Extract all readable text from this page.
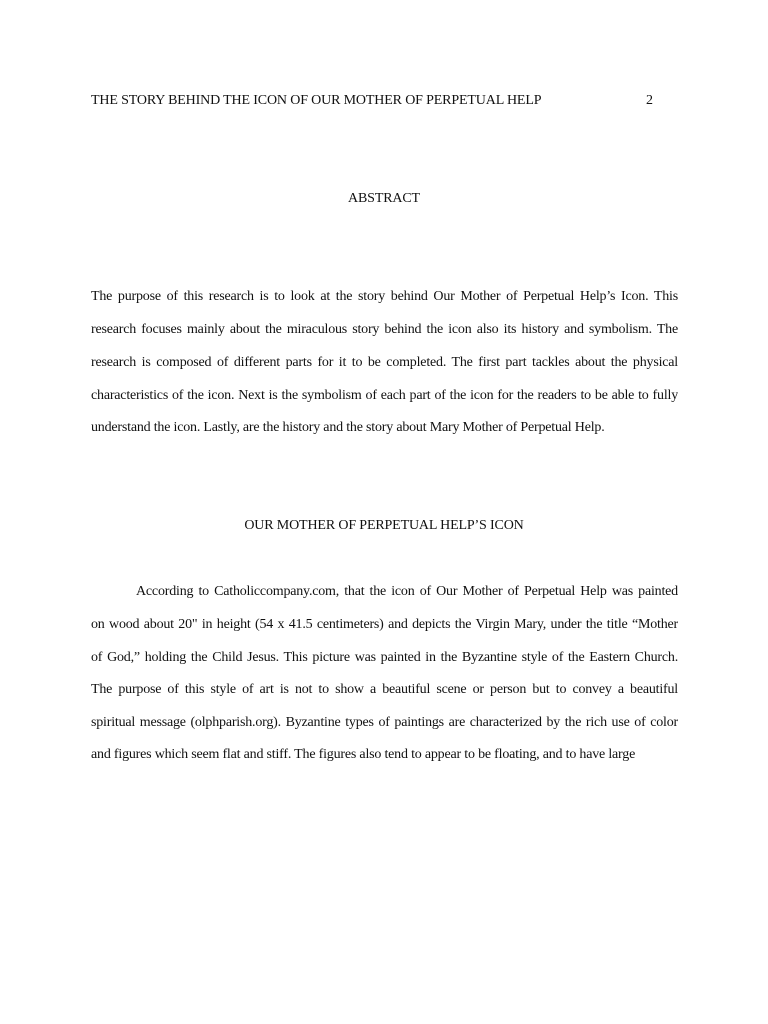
THE STORY BEHIND THE ICON OF OUR MOTHER OF PERPETUAL HELP	2
ABSTRACT
The purpose of this research is to look at the story behind Our Mother of Perpetual Help’s Icon. This
research focuses mainly about the miraculous story behind the icon also its history and symbolism. The
research is composed of different parts for it to be completed. The first part tackles about the physical
characteristics of the icon. Next is the symbolism of each part of the icon for the readers to be able to fully
understand the icon. Lastly, are the history and the story about Mary Mother of Perpetual Help.
OUR MOTHER OF PERPETUAL HELP’S ICON
According to Catholiccompany.com, that the icon of Our Mother of Perpetual Help was painted
on wood about 20" in height (54 x 41.5 centimeters) and depicts the Virgin Mary, under the title “Mother
of God,” holding the Child Jesus. This picture was painted in the Byzantine style of the Eastern Church.
The purpose of this style of art is not to show a beautiful scene or person but to convey a beautiful
spiritual message (olphparish.org). Byzantine types of paintings are characterized by the rich use of color
and figures which seem flat and stiff. The figures also tend to appear to be floating, and to have large
